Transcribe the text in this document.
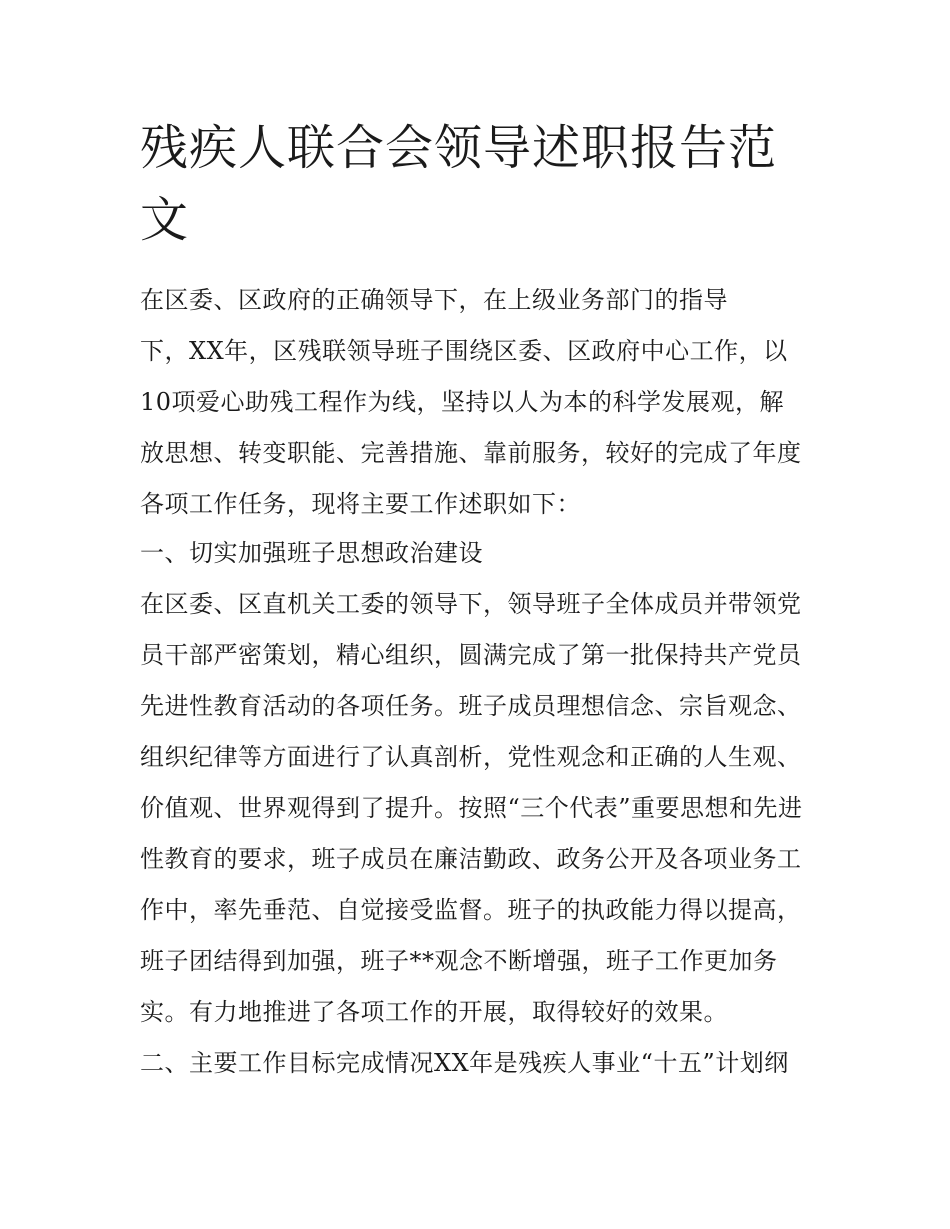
残疾人联合会领导述职报告范
文

在区委、区政府的正确领导下，在上级业务部门的指导

下，XX年，区残联领导班子围绕区委、区政府中心工作，以

10项爱心助残工程作为线，坚持以人为本的科学发展观，解

放思想、转变职能、完善措施、靠前服务，较好的完成了年度

各项工作任务，现将主要工作述职如下：

一、切实加强班子思想政治建设

在区委、区直机关工委的领导下，领导班子全体成员并带领党

员干部严密策划，精心组织，圆满完成了第一批保持共产党员

先进性教育活动的各项任务。班子成员理想信念、宗旨观念、

组织纪律等方面进行了认真剖析，党性观念和正确的人生观、

价值观、世界观得到了提升。按照“三个代表”重要思想和先进

性教育的要求，班子成员在廉洁勤政、政务公开及各项业务工

作中，率先垂范、自觉接受监督。班子的执政能力得以提高，

班子团结得到加强，班子**观念不断增强，班子工作更加务

实。有力地推进了各项工作的开展，取得较好的效果。

二、主要工作目标完成情况XX年是残疾人事业“十五”计划纲
